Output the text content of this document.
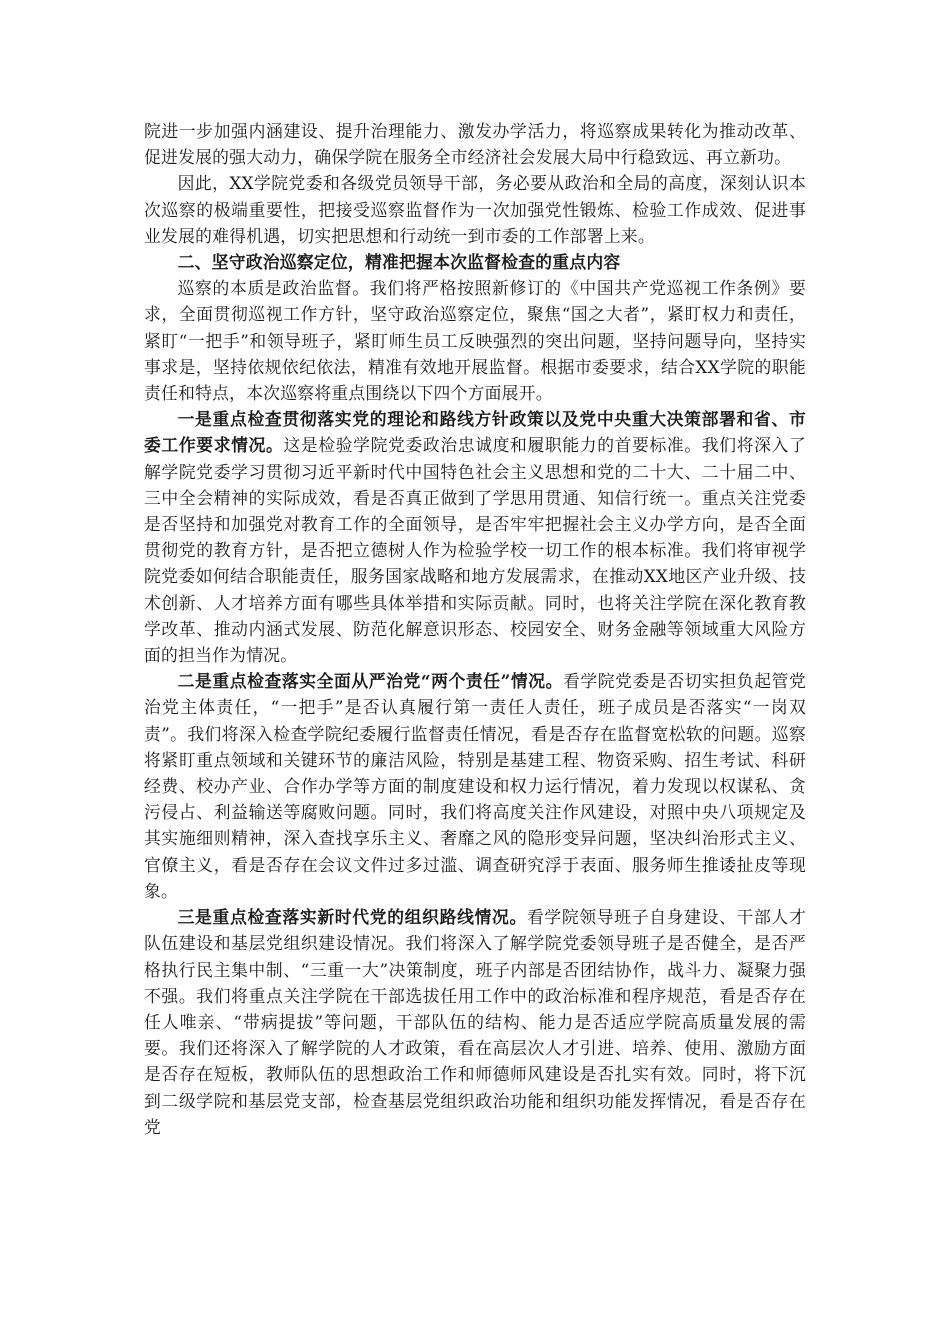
院进一步加强内涵建设、提升治理能力、激发办学活力，将巡察成果转化为推动改革、促进发展的强大动力，确保学院在服务全市经济社会发展大局中行稳致远、再立新功。

因此，XX学院党委和各级党员领导干部，务必要从政治和全局的高度，深刻认识本次巡察的极端重要性，把接受巡察监督作为一次加强党性锻炼、检验工作成效、促进事业发展的难得机遇，切实把思想和行动统一到市委的工作部署上来。

二、坚守政治巡察定位，精准把握本次监督检查的重点内容

巡察的本质是政治监督。我们将严格按照新修订的《中国共产党巡视工作条例》要求，全面贯彻巡视工作方针，坚守政治巡察定位，聚焦“国之大者”，紧盯权力和责任，紧盯“一把手”和领导班子，紧盯师生员工反映强烈的突出问题，坚持问题导向，坚持实事求是，坚持依规依纪依法，精准有效地开展监督。根据市委要求，结合XX学院的职能责任和特点，本次巡察将重点围绕以下四个方面展开。

一是重点检查贯彻落实党的理论和路线方针政策以及党中央重大决策部署和省、市委工作要求情况。这是检验学院党委政治忠诚度和履职能力的首要标准。我们将深入了解学院党委学习贯彻习近平新时代中国特色社会主义思想和党的二十大、二十届二中、三中全会精神的实际成效，看是否真正做到了学思用贯通、知信行统一。重点关注党委是否坚持和加强党对教育工作的全面领导，是否牢牢把握社会主义办学方向，是否全面贯彻党的教育方针，是否把立德树人作为检验学校一切工作的根本标准。我们将审视学院党委如何结合职能责任，服务国家战略和地方发展需求，在推动XX地区产业升级、技术创新、人才培养方面有哪些具体举措和实际贡献。同时，也将关注学院在深化教育教学改革、推动内涵式发展、防范化解意识形态、校园安全、财务金融等领域重大风险方面的担当作为情况。

二是重点检查落实全面从严治党“两个责任”情况。看学院党委是否切实担负起管党治党主体责任，“一把手”是否认真履行第一责任人责任，班子成员是否落实“一岗双责”。我们将深入检查学院纪委履行监督责任情况，看是否存在监督宽松软的问题。巡察将紧盯重点领域和关键环节的廉洁风险，特别是基建工程、物资采购、招生考试、科研经费、校办产业、合作办学等方面的制度建设和权力运行情况，着力发现以权谋私、贪污侵占、利益输送等腐败问题。同时，我们将高度关注作风建设，对照中央八项规定及其实施细则精神，深入查找享乐主义、奢靡之风的隐形变异问题，坚决纠治形式主义、官僚主义，看是否存在会议文件过多过滥、调查研究浮于表面、服务师生推诿扯皮等现象。

三是重点检查落实新时代党的组织路线情况。看学院领导班子自身建设、干部人才队伍建设和基层党组织建设情况。我们将深入了解学院党委领导班子是否健全，是否严格执行民主集中制、“三重一大”决策制度，班子内部是否团结协作，战斗力、凝聚力强不强。我们将重点关注学院在干部选拔任用工作中的政治标准和程序规范，看是否存在任人唯亲、“带病提拔”等问题，干部队伍的结构、能力是否适应学院高质量发展的需要。我们还将深入了解学院的人才政策，看在高层次人才引进、培养、使用、激励方面是否存在短板，教师队伍的思想政治工作和师德师风建设是否扎实有效。同时，将下沉到二级学院和基层党支部，检查基层党组织政治功能和组织功能发挥情况，看是否存在党
